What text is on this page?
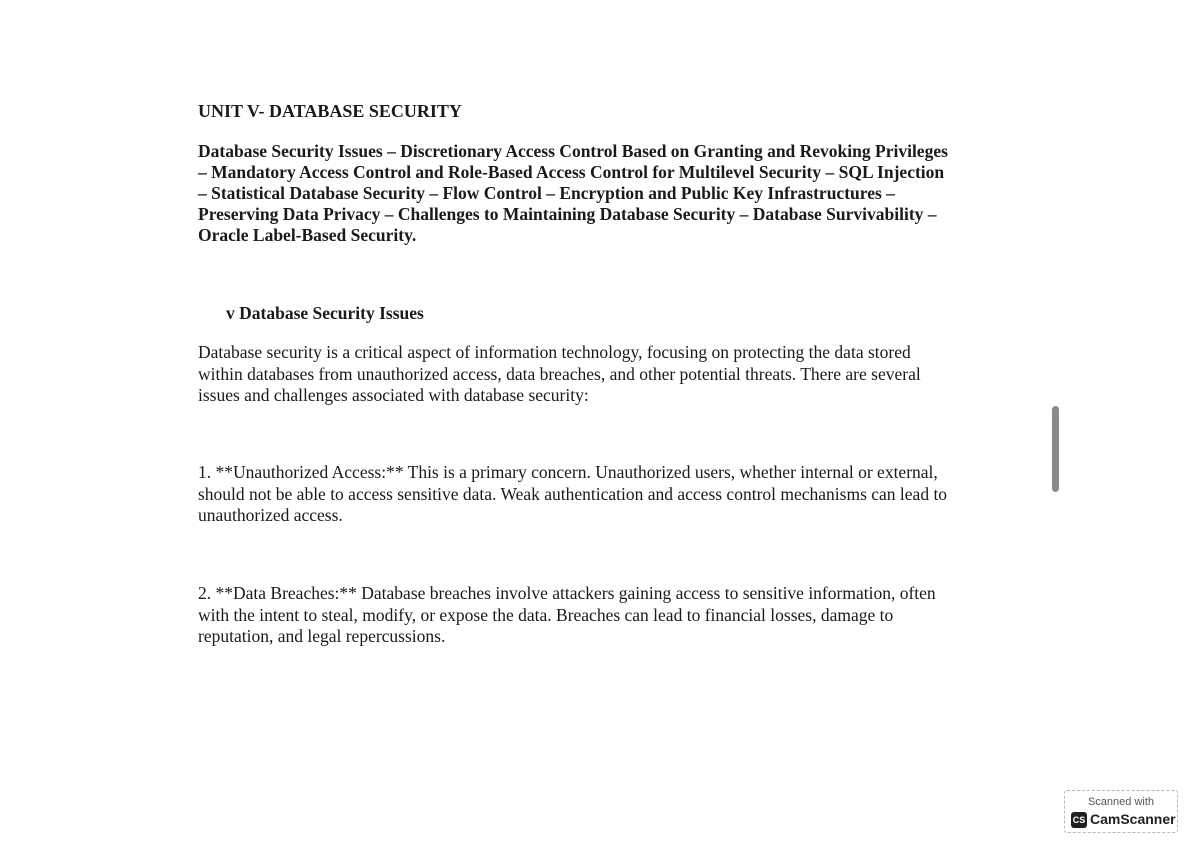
UNIT V- DATABASE SECURITY

Database Security Issues – Discretionary Access Control Based on Granting and Revoking Privileges
– Mandatory Access Control and Role-Based Access Control for Multilevel Security – SQL Injection
– Statistical Database Security – Flow Control – Encryption and Public Key Infrastructures –
Preserving Data Privacy – Challenges to Maintaining Database Security – Database Survivability –
Oracle Label-Based Security.

v Database Security Issues

Database security is a critical aspect of information technology, focusing on protecting the data stored
within databases from unauthorized access, data breaches, and other potential threats. There are several
issues and challenges associated with database security:

1. **Unauthorized Access:** This is a primary concern. Unauthorized users, whether internal or external,
should not be able to access sensitive data. Weak authentication and access control mechanisms can lead to
unauthorized access.

2. **Data Breaches:** Database breaches involve attackers gaining access to sensitive information, often
with the intent to steal, modify, or expose the data. Breaches can lead to financial losses, damage to
reputation, and legal repercussions.

Scanned with
CS CamScanner
